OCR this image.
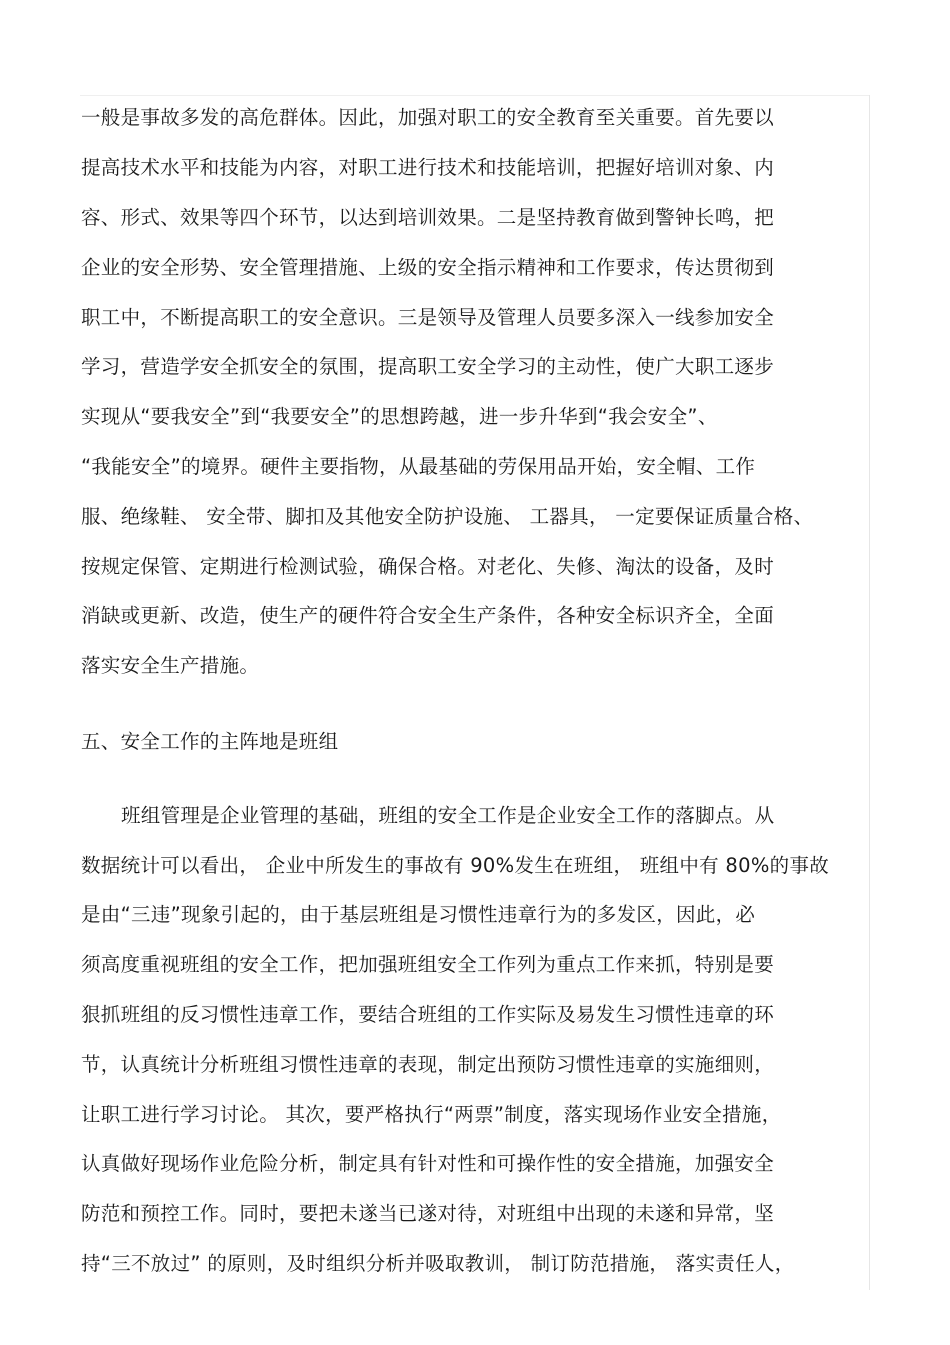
一般是事故多发的高危群体。因此，加强对职工的安全教育至关重要。首先要以
提高技术水平和技能为内容，对职工进行技术和技能培训，把握好培训对象、内
容、形式、效果等四个环节，以达到培训效果。二是坚持教育做到警钟长鸣，把
企业的安全形势、安全管理措施、上级的安全指示精神和工作要求，传达贯彻到
职工中，不断提高职工的安全意识。三是领导及管理人员要多深入一线参加安全
学习，营造学安全抓安全的氛围，提高职工安全学习的主动性，使广大职工逐步
实现从“要我安全”到“我要安全”的思想跨越，进一步升华到“我会安全”、
“我能安全”的境界。硬件主要指物，从最基础的劳保用品开始，安全帽、工作
服、绝缘鞋、 安全带、脚扣及其他安全防护设施、 工器具， 一定要保证质量合格、
按规定保管、定期进行检测试验，确保合格。对老化、失修、淘汰的设备，及时
消缺或更新、改造，使生产的硬件符合安全生产条件，各种安全标识齐全，全面
落实安全生产措施。
五、安全工作的主阵地是班组
班组管理是企业管理的基础，班组的安全工作是企业安全工作的落脚点。从
数据统计可以看出， 企业中所发生的事故有 90%发生在班组， 班组中有 80%的事故
是由“三违”现象引起的，由于基层班组是习惯性违章行为的多发区，因此，必
须高度重视班组的安全工作，把加强班组安全工作列为重点工作来抓，特别是要
狠抓班组的反习惯性违章工作，要结合班组的工作实际及易发生习惯性违章的环
节，认真统计分析班组习惯性违章的表现，制定出预防习惯性违章的实施细则，
让职工进行学习讨论。 其次，要严格执行“两票”制度，落实现场作业安全措施，
认真做好现场作业危险分析，制定具有针对性和可操作性的安全措施，加强安全
防范和预控工作。同时，要把未遂当已遂对待，对班组中出现的未遂和异常，坚
持“三不放过” 的原则，及时组织分析并吸取教训， 制订防范措施， 落实责任人，
